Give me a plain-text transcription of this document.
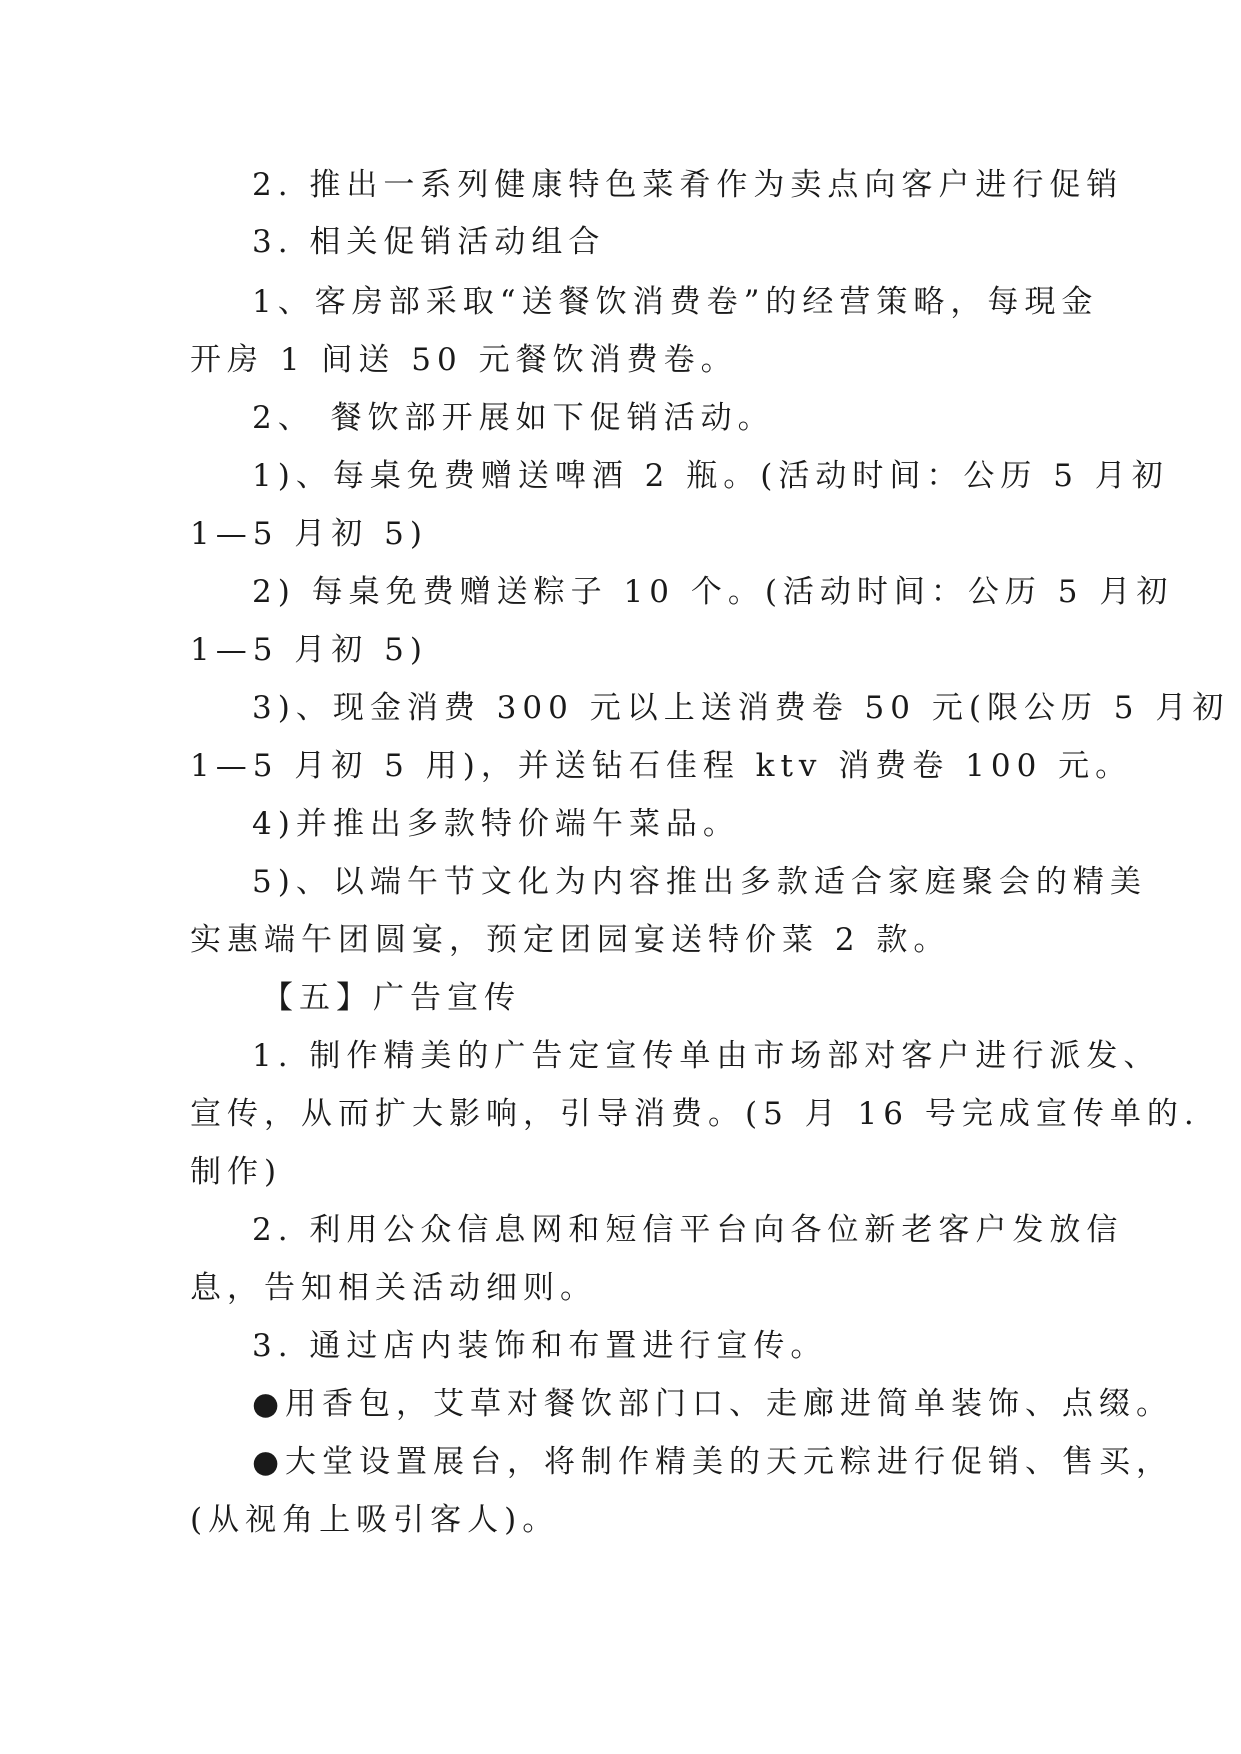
2. 推出一系列健康特色菜肴作为卖点向客户进行促销
3. 相关促销活动组合
1、客房部采取“送餐饮消费卷”的经营策略，每現金
开房 1 间送 50 元餐饮消费卷。
2、 餐饮部开展如下促销活动。
1)、每桌免费赠送啤酒 2 瓶。(活动时间：公历 5 月初
1—5 月初 5)
2) 每桌免费赠送粽子 10 个。(活动时间：公历 5 月初
1—5 月初 5)
3)、现金消费 300 元以上送消费卷 50 元(限公历 5 月初
1—5 月初 5 用)，并送钻石佳程 ktv 消费卷 100 元。
4)并推出多款特价端午菜品。
5)、以端午节文化为内容推出多款适合家庭聚会的精美
实惠端午团圆宴，预定团园宴送特价菜 2 款。
【五】广告宣传
1. 制作精美的广告定宣传单由市场部对客户进行派发、
宣传，从而扩大影响，引导消费。(5 月 16 号完成宣传单的.
制作)
2. 利用公众信息网和短信平台向各位新老客户发放信
息，告知相关活动细则。
3. 通过店内装饰和布置进行宣传。
●用香包，艾草对餐饮部门口、走廊进简单装饰、点缀。
●大堂设置展台，将制作精美的天元粽进行促销、售买，
(从视角上吸引客人)。
